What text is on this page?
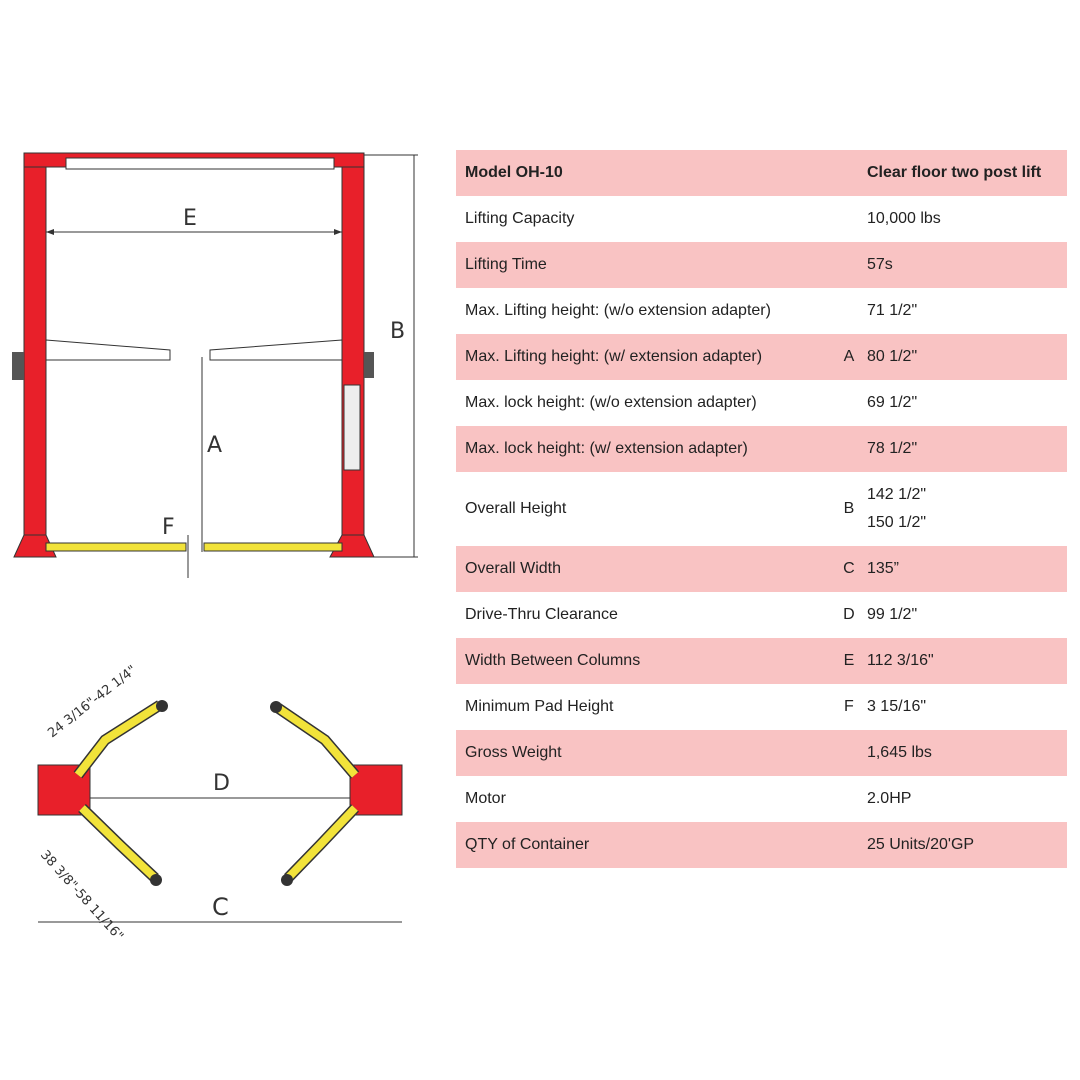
E
B
A
F
D
C
24 3/16"-42 1/4"
38 3/8"-58 11/16"
Model OH-10		Clear floor two post lift
Lifting Capacity		10,000 lbs

Lifting Time		57s

Max. Lifting height: (w/o extension adapter)		71 1/2"

Max. Lifting height: (w/ extension adapter)	A	80 1/2"

Max. lock height: (w/o extension adapter)		69 1/2"

Max. lock height: (w/ extension adapter)		78 1/2"

Overall Height	B	142 1/2"
150 1/2"

Overall Width	C	135”

Drive-Thru Clearance	D	99 1/2"

Width Between Columns	E	112 3/16"

Minimum Pad Height	F	3 15/16"

Gross Weight		1,645 lbs

Motor		2.0HP

QTY of Container		25 Units/20'GP
